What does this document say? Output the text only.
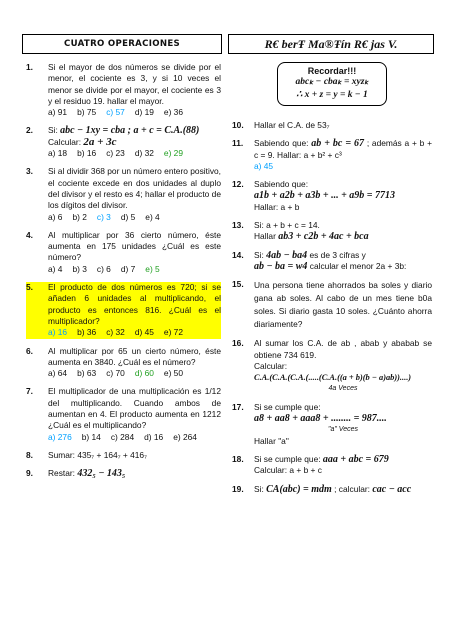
CUATRO OPERACIONES	R€ berŦ Ma®Ŧín R€ jas V.
1.	Si el mayor de dos números se divide por el menor, el cociente es 3, y si 10 veces el menor se divide por el mayor, el cociente es 3 y el residuo 19. hallar el mayor.
a) 91 b) 75 c) 57 d) 19 e) 36
2.	Si: abc − 1xy = cba ; a + c = C.A.(88)
Calcular: 2a + 3c
a) 18 b) 16 c) 23 d) 32 e) 29
3.	Si al dividir 368 por un número entero positivo, el cociente excede en dos unidades al duplo del divisor y el resto es 4; hallar el producto de los dígitos del divisor.
a) 6 b) 2 c) 3 d) 5 e) 4
4.	Al multiplicar por 36 cierto número, éste aumenta en 175 unidades ¿Cuál es este número?
a) 4 b) 3 c) 6 d) 7 e) 5
5.	El producto de dos números es 720; si se añaden 6 unidades al multiplicando, el producto es entonces 816. ¿Cuál es el multiplicador?
a) 16 b) 36 c) 32 d) 45 e) 72
6.	Al multiplicar por 65 un cierto número, éste aumenta en 3840. ¿Cuál es el número?
a) 64 b) 63 c) 70 d) 60 e) 50
7.	El multiplicador de una multiplicación es 1/12 del multiplicando. Cuando ambos de aumentan en 4. El producto aumenta en 1212 ¿Cuál es el multiplicando?
a) 276 b) 14 c) 284 d) 16 e) 264
8.	Sumar: 435₇ + 164₇ + 416₇
9.	Restar: 432₅ − 143₅
Recordar!!!
abcₖ − cbaₖ = xyzₖ
∴ x + z = y = k − 1
10.	Hallar el C.A. de 53₇
11.	Sabiendo que: ab + bc = 67 ; además a + b + c = 9. Hallar: a + b² + c³
a) 45
12.	Sabiendo que:
a1b + a2b + a3b + ... + a9b = 7713
Hallar: a + b
13.	Si: a + b + c = 14.
Hallar ab3 + c2b + 4ac + bca
14.	Si: 4ab − ba4 es de 3 cifras y
ab − ba = w4 calcular el menor 2a + 3b:
15.	Una persona tiene ahorrados ba soles y diario gana ab soles. Al cabo de un mes tiene b0a soles. Si diario gasta 10 soles. ¿Cuánto ahorra diariamente?
16.	Al sumar los C.A. de ab , abab y ababab se obtiene 734 619.
Calcular:
C.A.(C.A.(C.A.(.....(C.A.((a + b)(b − a)ab))....)
4a Veces
17.	Si se cumple que:
a8 + aa8 + aaa8 + ........ = 987....
"a" Veces
Hallar "a"
18.	Si se cumple que: aaa + abc = 679
Calcular: a + b + c
19.	Si: CA(abc) = mdm ; calcular: cac − acc
